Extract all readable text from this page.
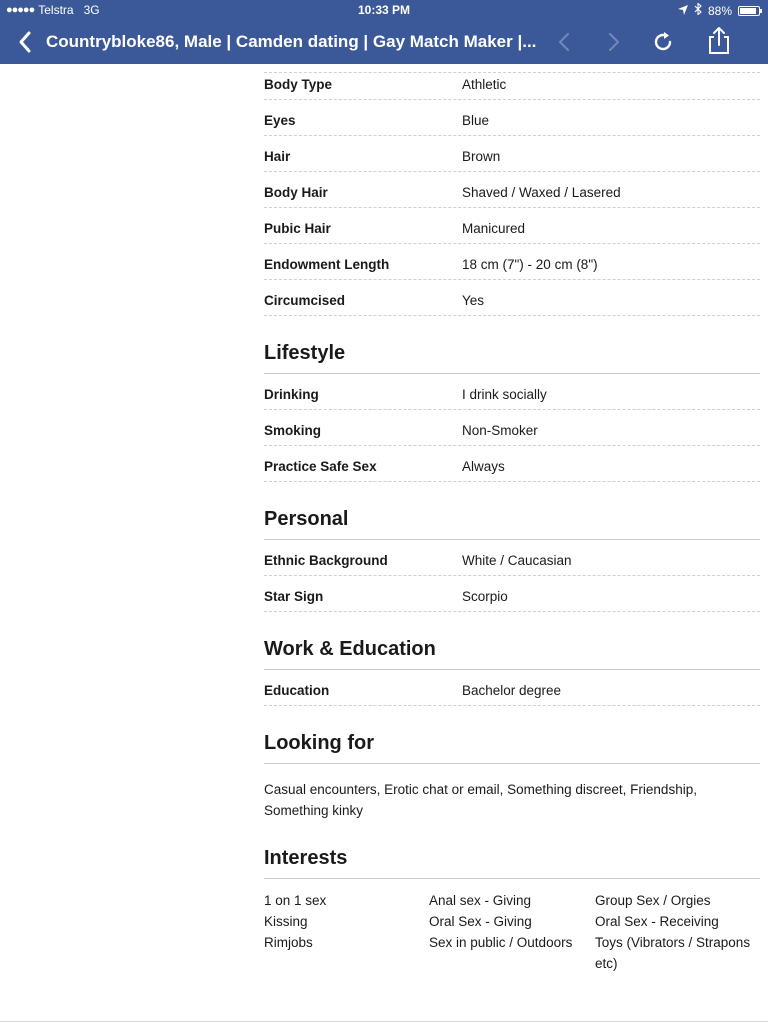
●●●●● Telstra 3G	10:33 PM	88%
Countrybloke86, Male | Camden dating | Gay Match Maker |...
Body Type	Athletic
Eyes	Blue
Hair	Brown
Body Hair	Shaved / Waxed / Lasered
Pubic Hair	Manicured
Endowment Length	18 cm (7") - 20 cm (8")
Circumcised	Yes
Lifestyle
Drinking	I drink socially
Smoking	Non-Smoker
Practice Safe Sex	Always
Personal
Ethnic Background	White / Caucasian
Star Sign	Scorpio
Work & Education
Education	Bachelor degree
Looking for
Casual encounters, Erotic chat or email, Something discreet, Friendship, Something kinky
Interests
1 on 1 sex	Anal sex - Giving	Group Sex / Orgies
Kissing	Oral Sex - Giving	Oral Sex - Receiving
Rimjobs	Sex in public / Outdoors	Toys (Vibrators / Strapons etc)
